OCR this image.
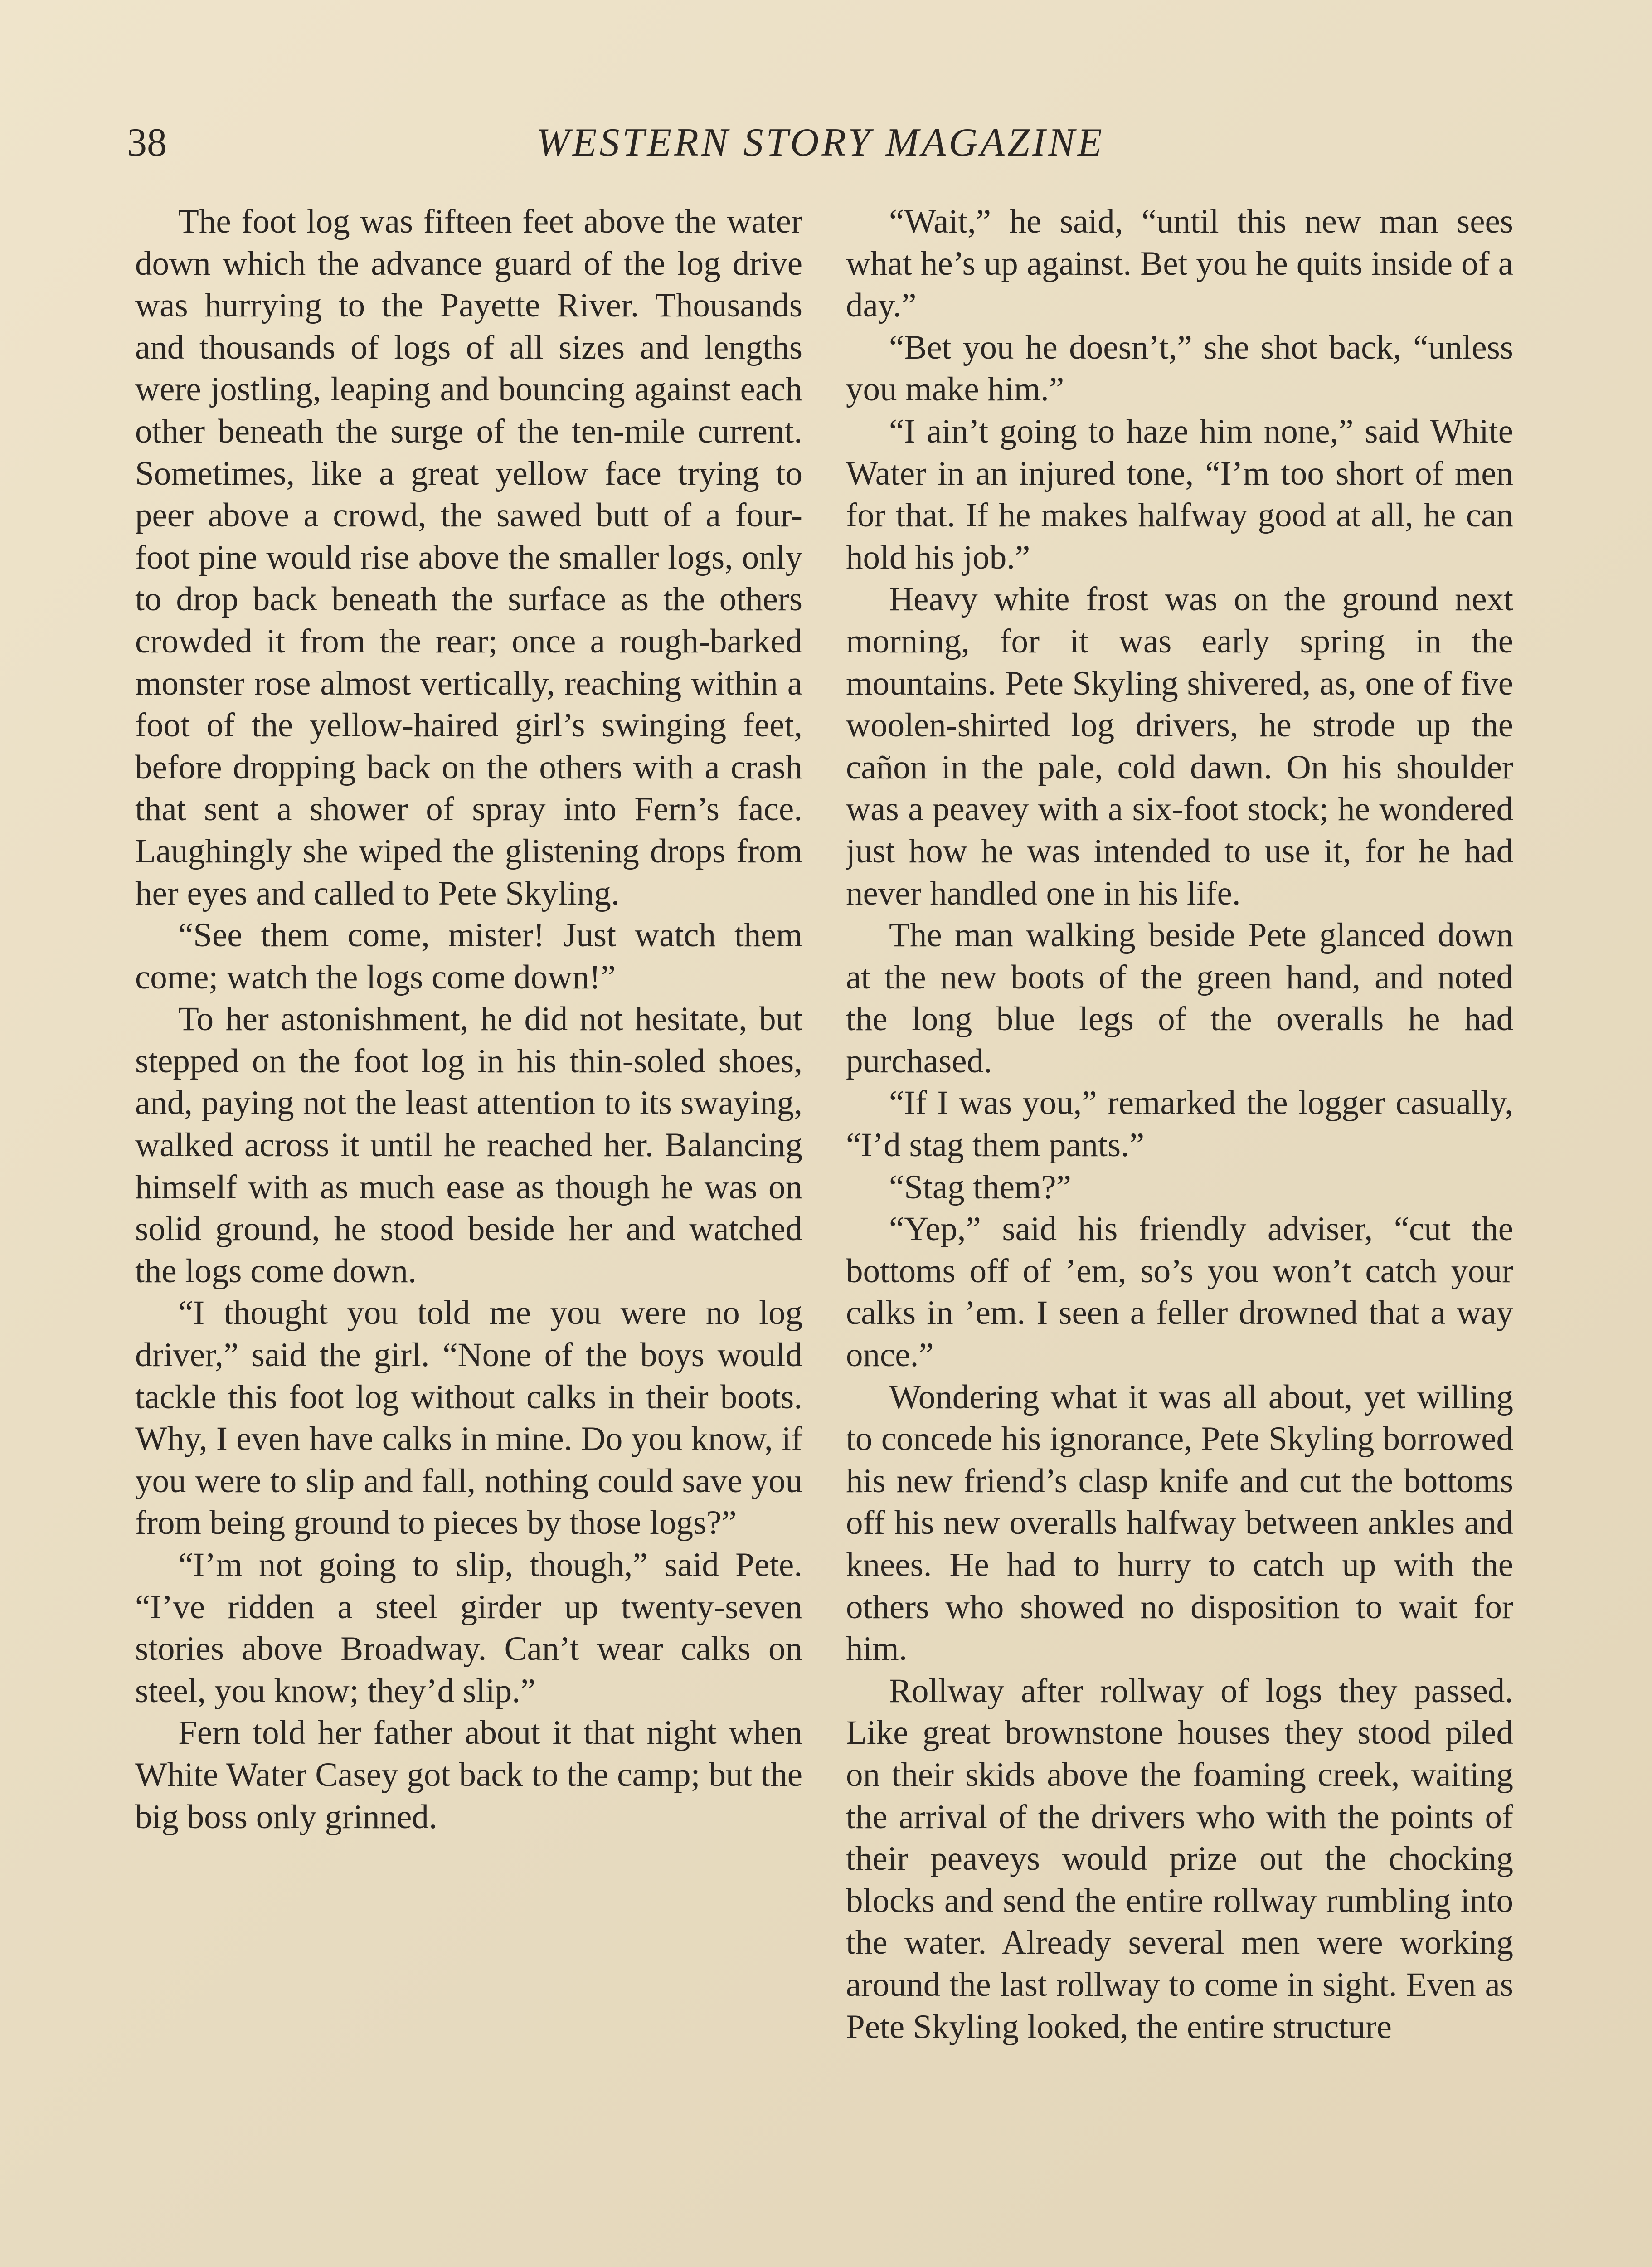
38	WESTERN STORY MAGAZINE

The foot log was fifteen feet above the water down which the advance guard of the log drive was hurrying to the Payette River. Thousands and thousands of logs of all sizes and lengths were jostling, leaping and bouncing against each other beneath the surge of the ten-mile current. Sometimes, like a great yellow face trying to peer above a crowd, the sawed butt of a four-foot pine would rise above the smaller logs, only to drop back beneath the surface as the others crowded it from the rear; once a rough-barked monster rose almost vertically, reaching within a foot of the yellow-haired girl’s swinging feet, before dropping back on the others with a crash that sent a shower of spray into Fern’s face. Laughingly she wiped the glistening drops from her eyes and called to Pete Skyling.

“See them come, mister! Just watch them come; watch the logs come down!”

To her astonishment, he did not hesitate, but stepped on the foot log in his thin-soled shoes, and, paying not the least attention to its swaying, walked across it until he reached her. Balancing himself with as much ease as though he was on solid ground, he stood beside her and watched the logs come down.

“I thought you told me you were no log driver,” said the girl. “None of the boys would tackle this foot log without calks in their boots. Why, I even have calks in mine. Do you know, if you were to slip and fall, nothing could save you from being ground to pieces by those logs?”

“I’m not going to slip, though,” said Pete. “I’ve ridden a steel girder up twenty-seven stories above Broadway. Can’t wear calks on steel, you know; they’d slip.”

Fern told her father about it that night when White Water Casey got back to the camp; but the big boss only grinned.

“Wait,” he said, “until this new man sees what he’s up against. Bet you he quits inside of a day.”

“Bet you he doesn’t,” she shot back, “unless you make him.”

“I ain’t going to haze him none,” said White Water in an injured tone, “I’m too short of men for that. If he makes halfway good at all, he can hold his job.”

Heavy white frost was on the ground next morning, for it was early spring in the mountains. Pete Skyling shivered, as, one of five woolen-shirted log drivers, he strode up the cañon in the pale, cold dawn. On his shoulder was a peavey with a six-foot stock; he wondered just how he was intended to use it, for he had never handled one in his life.

The man walking beside Pete glanced down at the new boots of the green hand, and noted the long blue legs of the overalls he had purchased.

“If I was you,” remarked the logger casually, “I’d stag them pants.”

“Stag them?”

“Yep,” said his friendly adviser, “cut the bottoms off of ’em, so’s you won’t catch your calks in ’em. I seen a feller drowned that a way once.”

Wondering what it was all about, yet willing to concede his ignorance, Pete Skyling borrowed his new friend’s clasp knife and cut the bottoms off his new overalls halfway between ankles and knees. He had to hurry to catch up with the others who showed no disposition to wait for him.

Rollway after rollway of logs they passed. Like great brownstone houses they stood piled on their skids above the foaming creek, waiting the arrival of the drivers who with the points of their peaveys would prize out the chocking blocks and send the entire rollway rumbling into the water. Already several men were working around the last rollway to come in sight. Even as Pete Skyling looked, the entire structure
